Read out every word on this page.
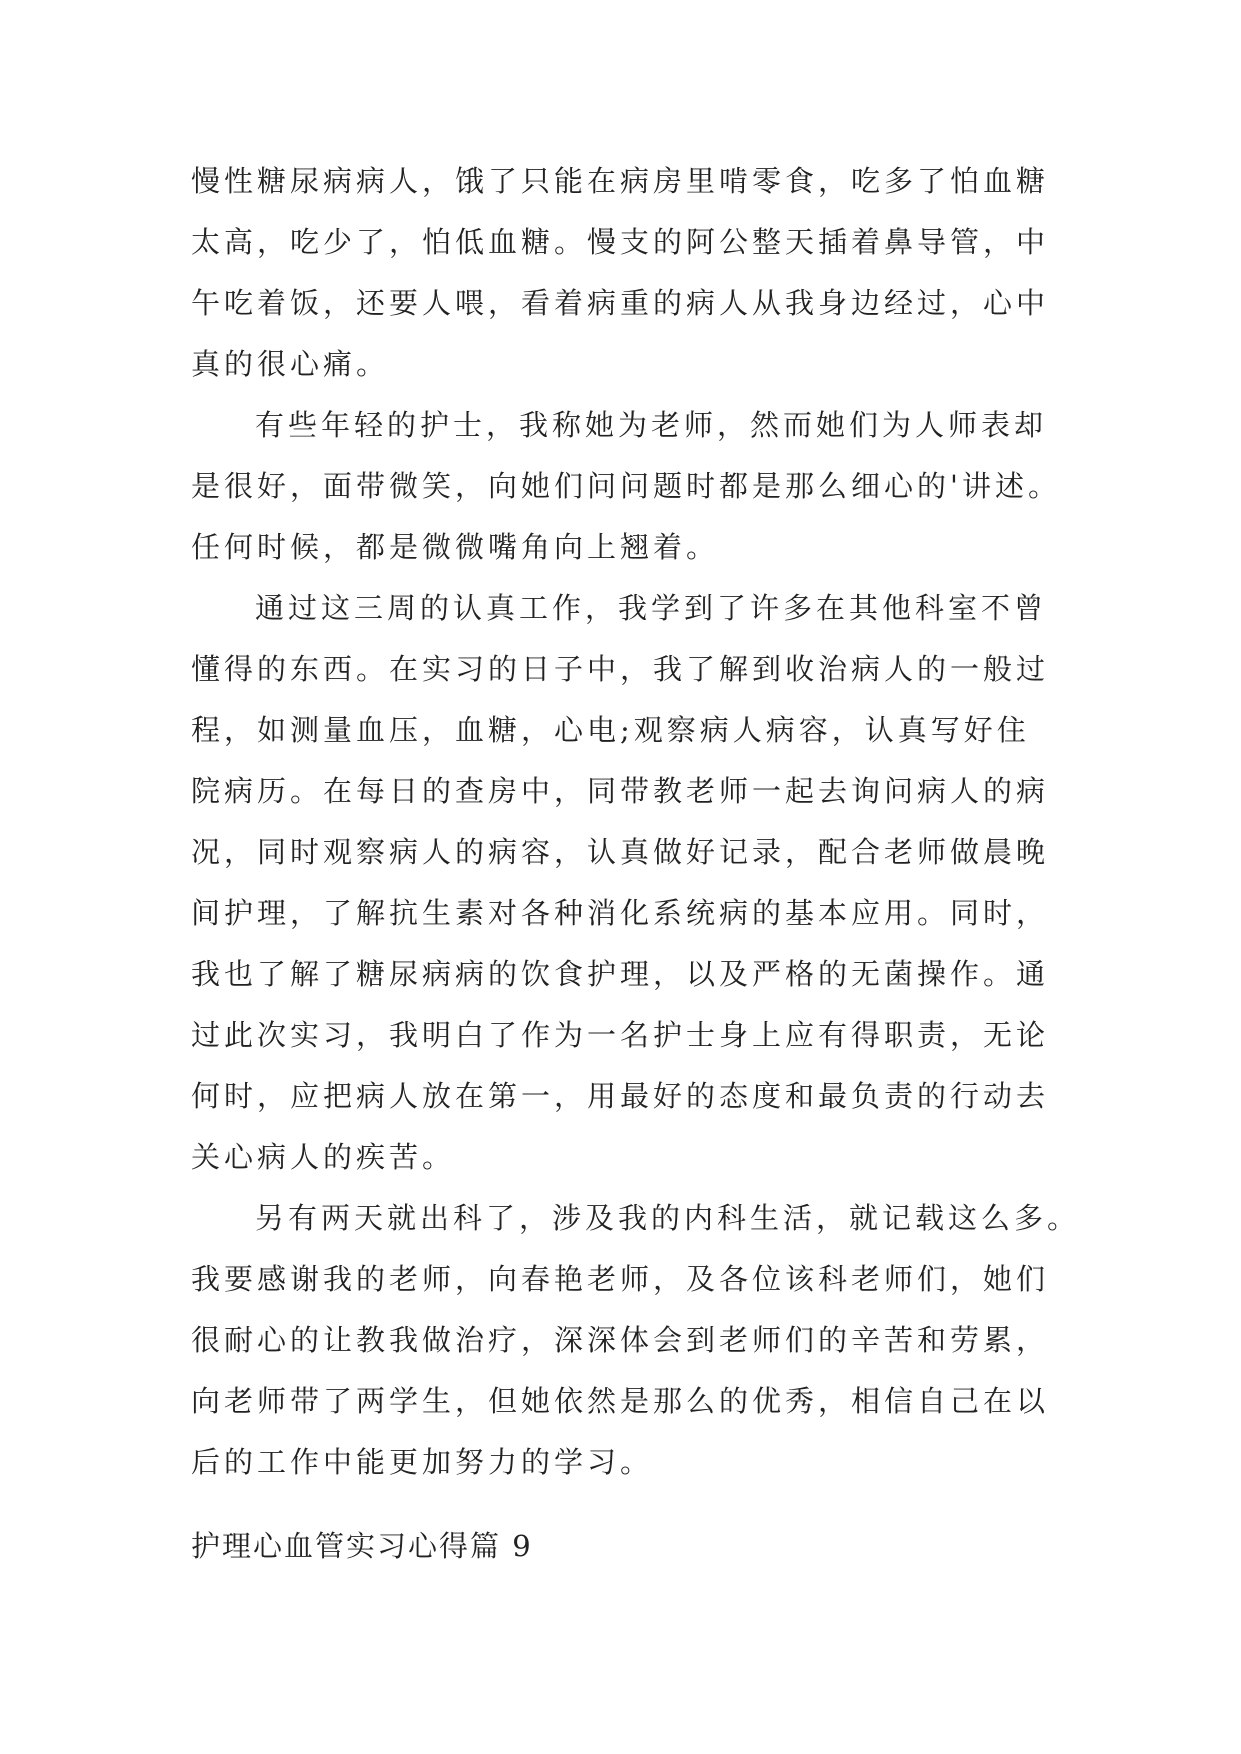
慢性糖尿病病人，饿了只能在病房里啃零食，吃多了怕血糖
太高，吃少了，怕低血糖。慢支的阿公整天插着鼻导管，中
午吃着饭，还要人喂，看着病重的病人从我身边经过，心中
真的很心痛。
有些年轻的护士，我称她为老师，然而她们为人师表却
是很好，面带微笑，向她们问问题时都是那么细心的'讲述。
任何时候，都是微微嘴角向上翘着。
通过这三周的认真工作，我学到了许多在其他科室不曾
懂得的东西。在实习的日子中，我了解到收治病人的一般过
程，如测量血压，血糖，心电;观察病人病容，认真写好住
院病历。在每日的查房中，同带教老师一起去询问病人的病
况，同时观察病人的病容，认真做好记录，配合老师做晨晚
间护理，了解抗生素对各种消化系统病的基本应用。同时，
我也了解了糖尿病病的饮食护理，以及严格的无菌操作。通
过此次实习，我明白了作为一名护士身上应有得职责，无论
何时，应把病人放在第一，用最好的态度和最负责的行动去
关心病人的疾苦。
另有两天就出科了，涉及我的内科生活，就记载这么多。
我要感谢我的老师，向春艳老师，及各位该科老师们，她们
很耐心的让教我做治疗，深深体会到老师们的辛苦和劳累，
向老师带了两学生，但她依然是那么的优秀，相信自己在以
后的工作中能更加努力的学习。
护理心血管实习心得篇 9
